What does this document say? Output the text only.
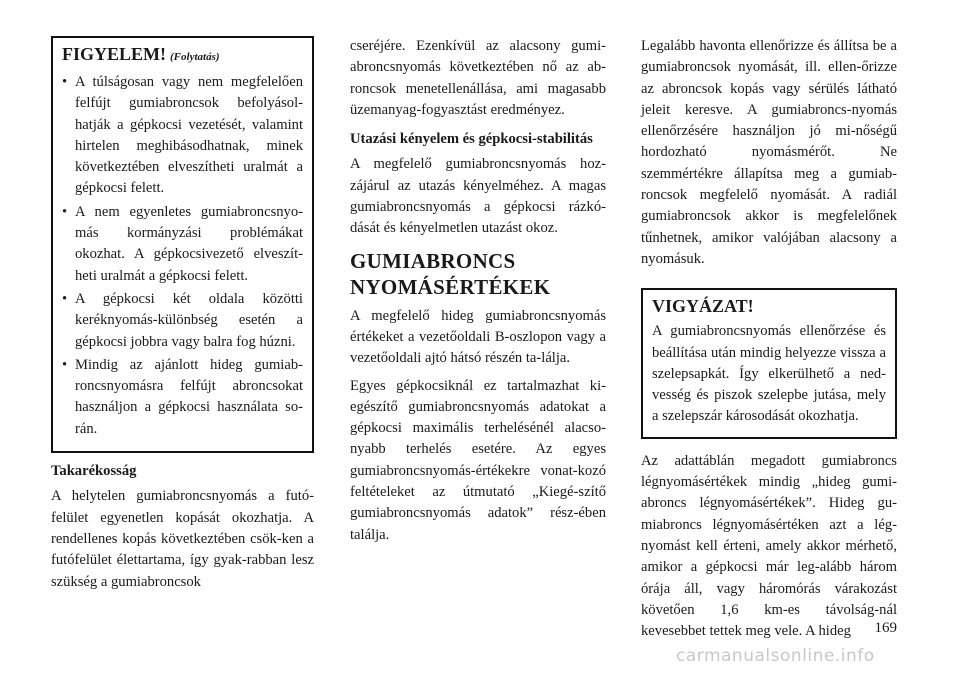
FIGYELEM! (Folytatás)
• A túlságosan vagy nem megfelelően felfújt gumiabroncsok befolyásol-hatják a gépkocsi vezetését, valamint hirtelen meghibásodhatnak, minek következtében elveszítheti uralmát a gépkocsi felett.
• A nem egyenletes gumiabroncsnyo-más kormányzási problémákat okozhat. A gépkocsivezető elveszít-heti uralmát a gépkocsi felett.
• A gépkocsi két oldala közötti keréknyomás-különbség esetén a gépkocsi jobbra vagy balra fog húzni.
• Mindig az ajánlott hideg gumiab-roncsnyomásra felfújt abroncsokat használjon a gépkocsi használata so-rán.
Takarékosság

A helytelen gumiabroncsnyomás a futó-felület egyenetlen kopását okozhatja. A rendellenes kopás következtében csök-ken a futófelület élettartama, így gyak-rabban lesz szükség a gumiabroncsok

cseréjére. Ezenkívül az alacsony gumi-abroncsnyomás következtében nő az ab-roncsok menetellenállása, ami magasabb üzemanyag-fogyasztást eredményez.

Utazási kényelem és gépkocsi-stabilitás

A megfelelő gumiabroncsnyomás hoz-zájárul az utazás kényelméhez. A magas gumiabroncsnyomás a gépkocsi rázkó-dását és kényelmetlen utazást okoz.

GUMIABRONCS NYOMÁSÉRTÉKEK

A megfelelő hideg gumiabroncsnyomás értékeket a vezetőoldali B-oszlopon vagy a vezetőoldali ajtó hátsó részén ta-lálja.

Egyes gépkocsiknál ez tartalmazhat ki-egészítő gumiabroncsnyomás adatokat a gépkocsi maximális terhelésénél alacso-nyabb terhelés esetére. Az egyes gumiabroncsnyomás-értékekre vonat-kozó feltételeket az útmutató „Kiegé-szítő gumiabroncsnyomás adatok” rész-ében találja.

Legalább havonta ellenőrizze és állítsa be a gumiabroncsok nyomását, ill. ellen-őrizze az abroncsok kopás vagy sérülés látható jeleit keresve. A gumiabroncs-nyomás ellenőrzésére használjon jó mi-nőségű hordozható nyomásmérőt. Ne szemmértékre állapítsa meg a gumiab-roncsok megfelelő nyomását. A radiál gumiabroncsok akkor is megfelelőnek tűnhetnek, amikor valójában alacsony a nyomásuk.

VIGYÁZAT!

A gumiabroncsnyomás ellenőrzése és beállítása után mindig helyezze vissza a szelepsapkát. Így elkerülhető a ned-vesség és piszok szelepbe jutása, mely a szelepszár károsodását okozhatja.

Az adattáblán megadott gumiabroncs légnyomásértékek mindig „hideg gumi-abroncs légnyomásértékek”. Hideg gu-miabroncs légnyomásértéken azt a lég-nyomást kell érteni, amely akkor mérhető, amikor a gépkocsi már leg-alább három órája áll, vagy háromórás várakozást követően 1,6 km-es távolság-nál kevesebbet tettek meg vele. A hideg	169
carmanualsonline.info
